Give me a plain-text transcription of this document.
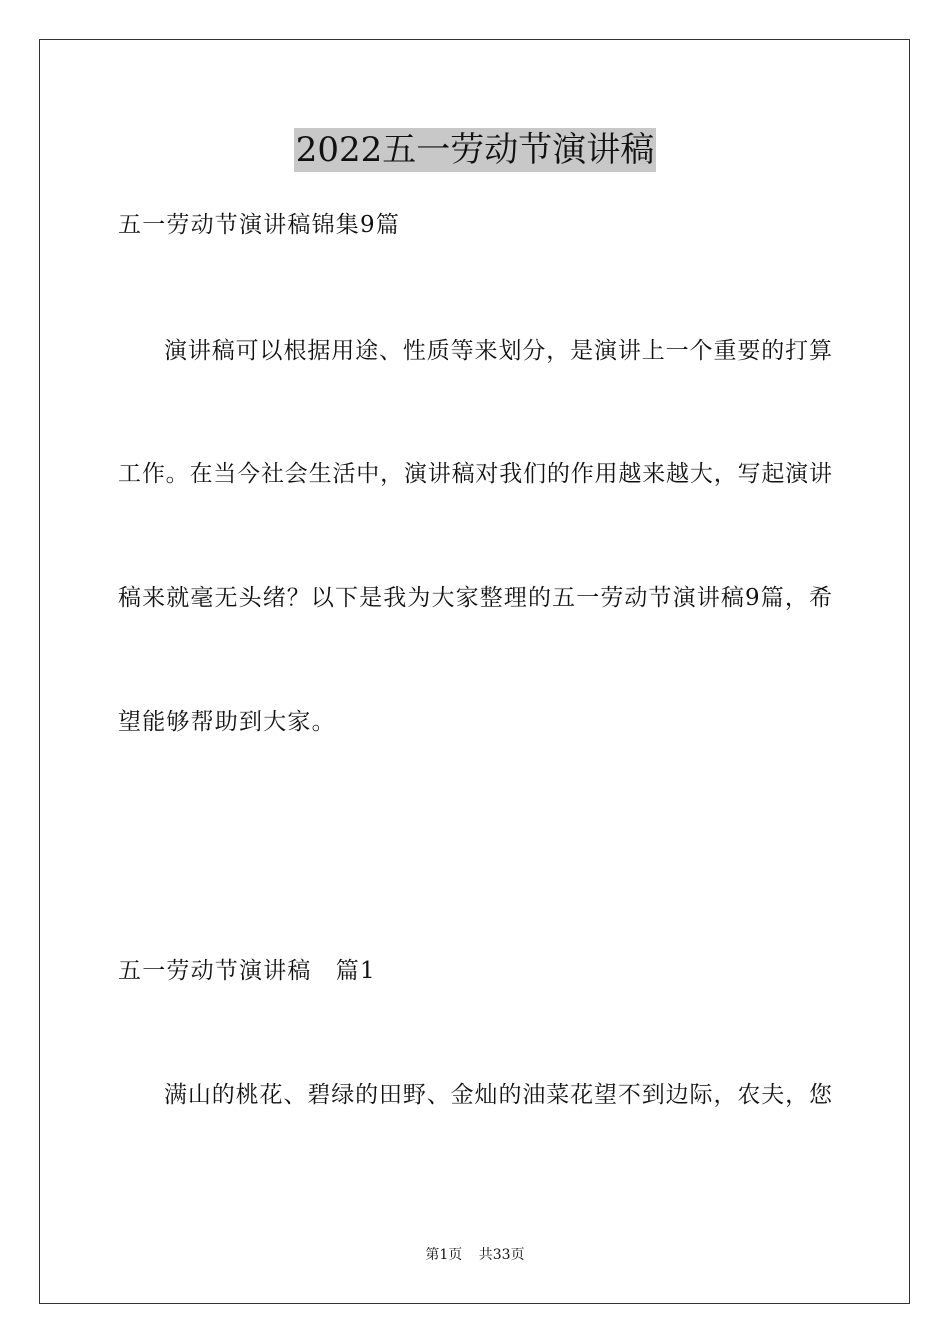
2022五一劳动节演讲稿
五一劳动节演讲稿锦集9篇
演讲稿可以根据用途、性质等来划分，是演讲上一个重要的打算
工作。在当今社会生活中，演讲稿对我们的作用越来越大，写起演讲
稿来就毫无头绪？以下是我为大家整理的五一劳动节演讲稿9篇，希
望能够帮助到大家。
五一劳动节演讲稿　篇1
满山的桃花、碧绿的田野、金灿的油菜花望不到边际，农夫，您
第1页 共33页
